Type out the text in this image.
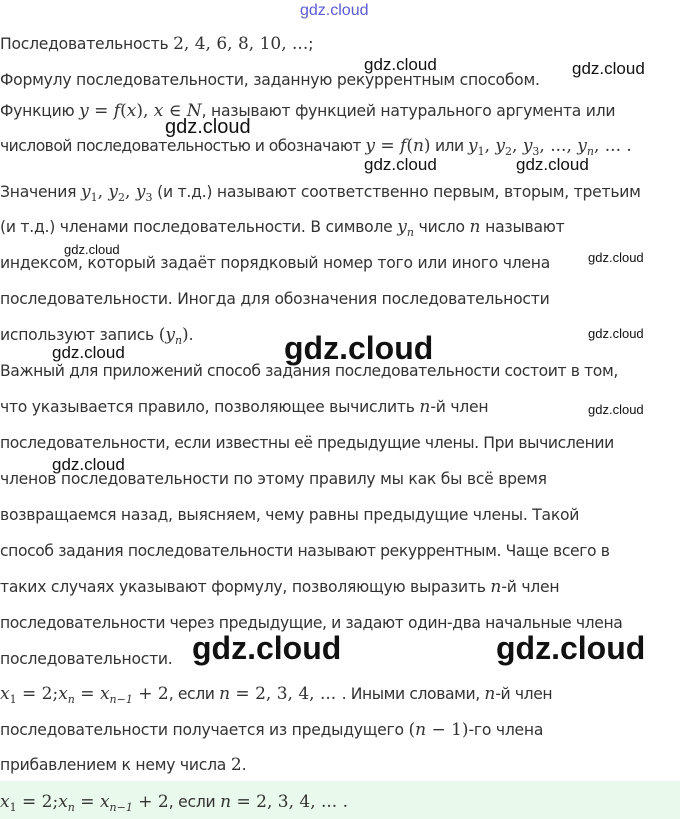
Последовательность 2, 4, 6, 8, 10, ...;
Формулу последовательности, заданную рекуррентным способом.
Функцию y = f(x), x ∈ N, называют функцией натурального аргумента или
числовой последовательностью и обозначают y = f(n) или $y_1$, $y_2$, $y_3$, ..., $y_n$, ... .
Значения $y_1$, $y_2$, $y_3$ (и т.д.) называют соответственно первым, вторым, третьим
(и т.д.) членами последовательности. В символе $y_n$ число n называют
индексом, который задаёт порядковый номер того или иного члена
последовательности. Иногда для обозначения последовательности
используют запись $(y_n)$.
Важный для приложений способ задания последовательности состоит в том,
что указывается правило, позволяющее вычислить n-й член
последовательности, если известны её предыдущие члены. При вычислении
членов последовательности по этому правилу мы как бы всё время
возвращаемся назад, выясняем, чему равны предыдущие члены. Такой
способ задания последовательности называют рекуррентным. Чаще всего в
таких случаях указывают формулу, позволяющую выразить n-й член
последовательности через предыдущие, и задают один-два начальные члена
последовательности.
$x_1$ = $2;x_n = x_{n-1} + 2$, если n = 2, 3, 4, ... . Иными словами, n-й член
последовательности получается из предыдущего (n − 1)-го члена
прибавлением к нему числа 2.
$x_1$ = $2;x_n = x_{n-1} + 2$, если n = 2, 3, 4, ... .
gdz.cloud
gdz.cloud	gdz.cloud
gdz.cloud
gdz.cloud	gdz.cloud
gdz.cloud
gdz.cloud
gdz.cloud
gdz.cloud
gdz.cloud
gdz.cloud
gdz.cloud
gdz.cloud	gdz.cloud
